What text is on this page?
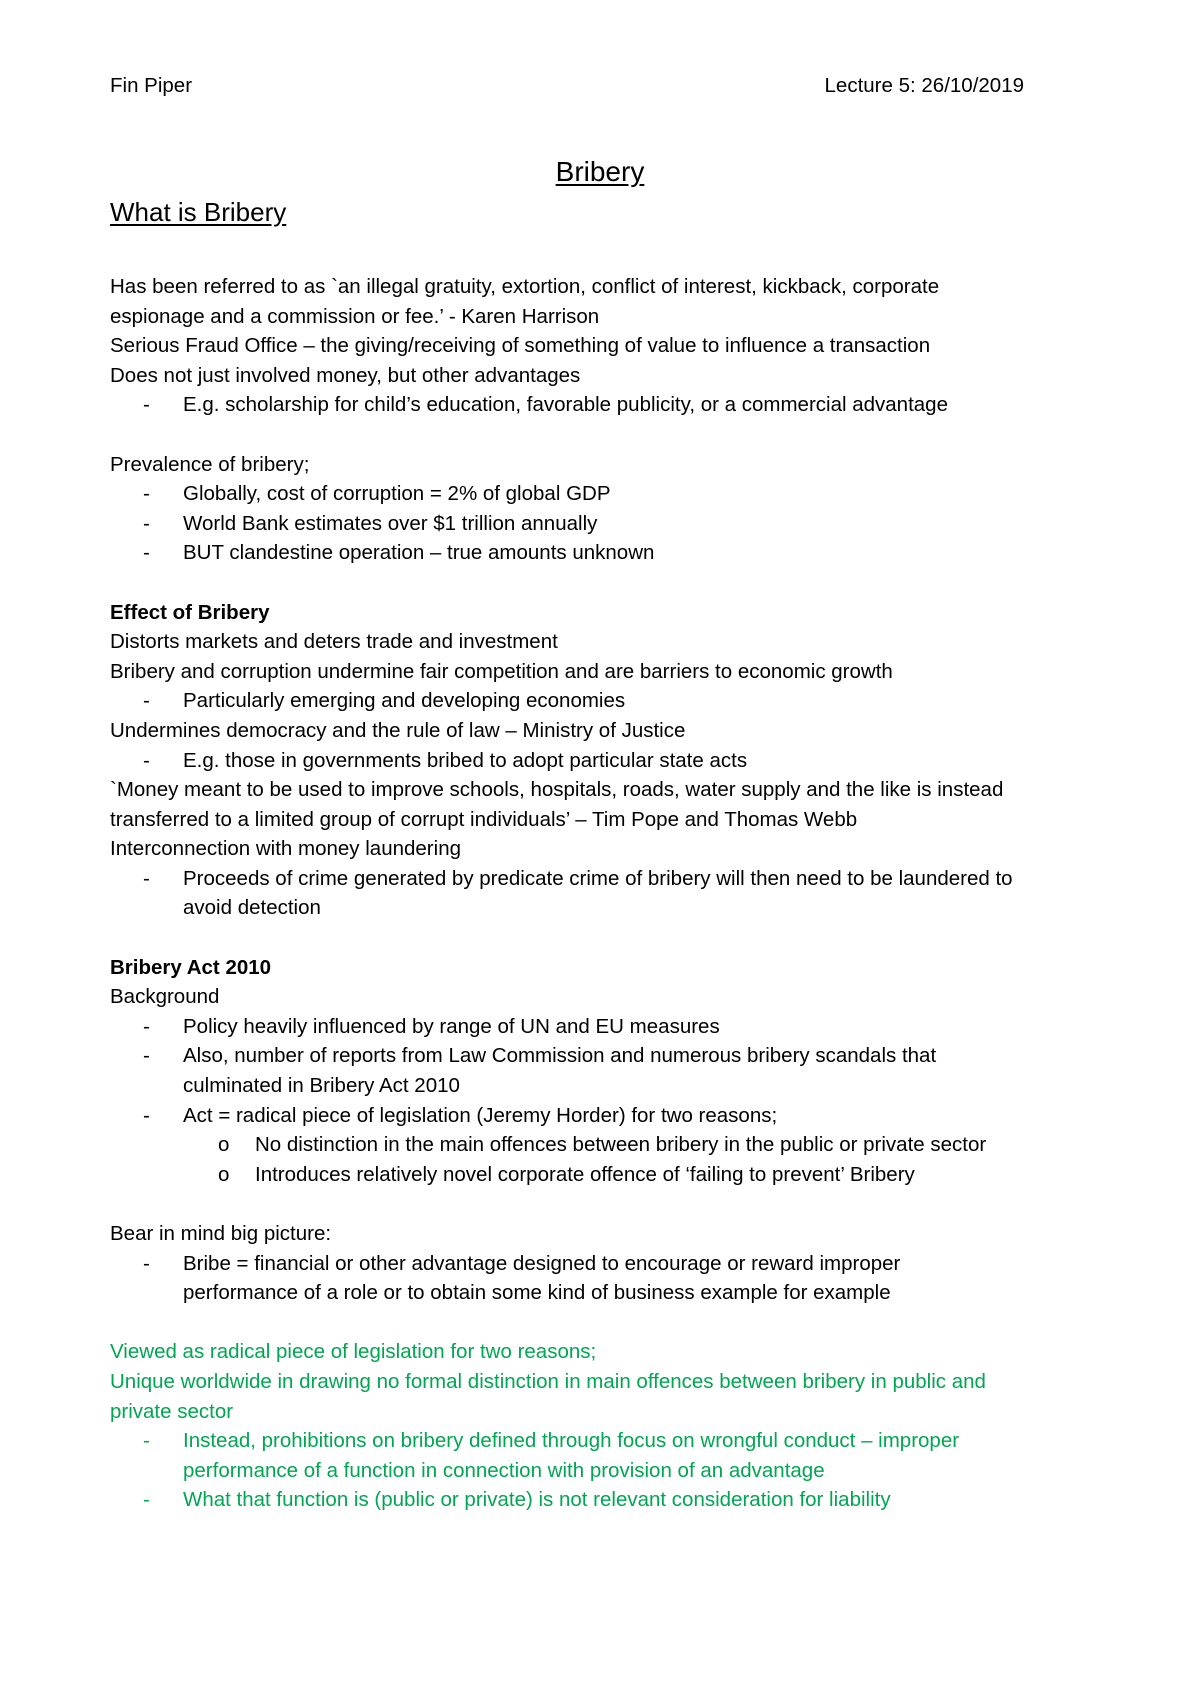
Fin Piper	Lecture 5: 26/10/2019
Bribery
What is Bribery

Has been referred to as `an illegal gratuity, extortion, conflict of interest, kickback, corporate

espionage and a commission or fee.’ - Karen Harrison

Serious Fraud Office – the giving/receiving of something of value to influence a transaction

Does not just involved money, but other advantages

- E.g. scholarship for child’s education, favorable publicity, or a commercial advantage

Prevalence of bribery;

- Globally, cost of corruption = 2% of global GDP
- World Bank estimates over $1 trillion annually
- BUT clandestine operation – true amounts unknown

Effect of Bribery

Distorts markets and deters trade and investment

Bribery and corruption undermine fair competition and are barriers to economic growth

- Particularly emerging and developing economies

Undermines democracy and the rule of law – Ministry of Justice

- E.g. those in governments bribed to adopt particular state acts

`Money meant to be used to improve schools, hospitals, roads, water supply and the like is instead

transferred to a limited group of corrupt individuals’ – Tim Pope and Thomas Webb

Interconnection with money laundering

- Proceeds of crime generated by predicate crime of bribery will then need to be laundered to
avoid detection

Bribery Act 2010

Background

- Policy heavily influenced by range of UN and EU measures
- Also, number of reports from Law Commission and numerous bribery scandals that
culminated in Bribery Act 2010
- Act = radical piece of legislation (Jeremy Horder) for two reasons;
o No distinction in the main offences between bribery in the public or private sector
o Introduces relatively novel corporate offence of ‘failing to prevent’ Bribery

Bear in mind big picture:

- Bribe = financial or other advantage designed to encourage or reward improper
performance of a role or to obtain some kind of business example for example

Viewed as radical piece of legislation for two reasons;

Unique worldwide in drawing no formal distinction in main offences between bribery in public and

private sector

- Instead, prohibitions on bribery defined through focus on wrongful conduct – improper
performance of a function in connection with provision of an advantage
- What that function is (public or private) is not relevant consideration for liability
